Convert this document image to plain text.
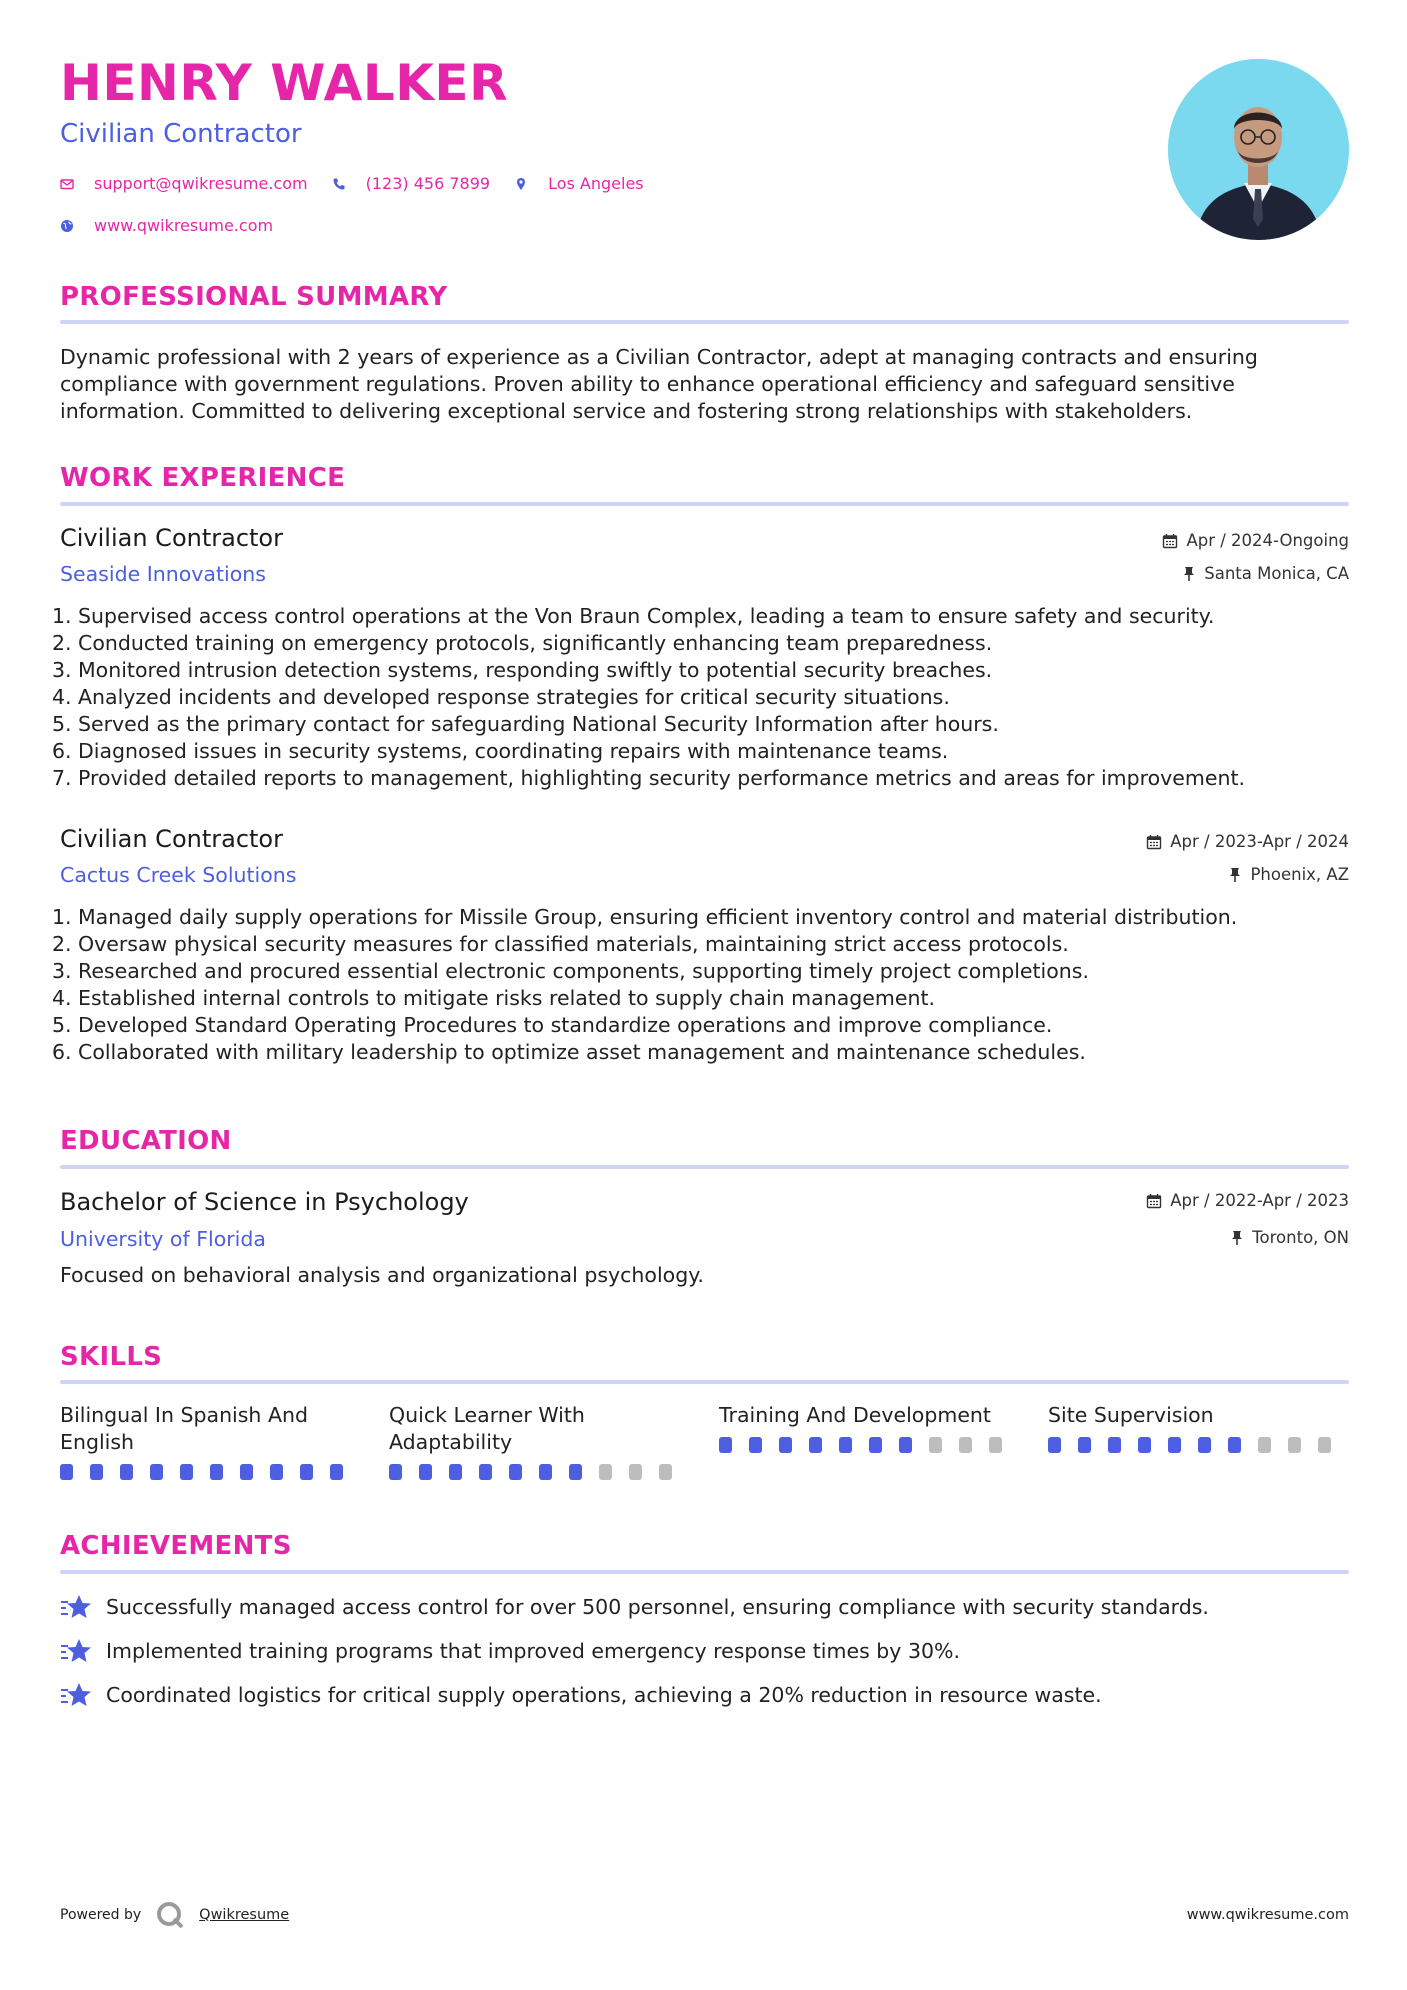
HENRY WALKER
Civilian Contractor
support@qwikresume.com	(123) 456 7899	Los Angeles
www.qwikresume.com
PROFESSIONAL SUMMARY
Dynamic professional with 2 years of experience as a Civilian Contractor, adept at managing contracts and ensuring compliance with government regulations. Proven ability to enhance operational efficiency and safeguard sensitive information. Committed to delivering exceptional service and fostering strong relationships with stakeholders.
WORK EXPERIENCE
Civilian Contractor
Seaside Innovations
Apr / 2024-Ongoing
Santa Monica, CA
1. Supervised access control operations at the Von Braun Complex, leading a team to ensure safety and security.
2. Conducted training on emergency protocols, significantly enhancing team preparedness.
3. Monitored intrusion detection systems, responding swiftly to potential security breaches.
4. Analyzed incidents and developed response strategies for critical security situations.
5. Served as the primary contact for safeguarding National Security Information after hours.
6. Diagnosed issues in security systems, coordinating repairs with maintenance teams.
7. Provided detailed reports to management, highlighting security performance metrics and areas for improvement.
Civilian Contractor
Cactus Creek Solutions
Apr / 2023-Apr / 2024
Phoenix, AZ
1. Managed daily supply operations for Missile Group, ensuring efficient inventory control and material distribution.
2. Oversaw physical security measures for classified materials, maintaining strict access protocols.
3. Researched and procured essential electronic components, supporting timely project completions.
4. Established internal controls to mitigate risks related to supply chain management.
5. Developed Standard Operating Procedures to standardize operations and improve compliance.
6. Collaborated with military leadership to optimize asset management and maintenance schedules.
EDUCATION
Bachelor of Science in Psychology
University of Florida
Apr / 2022-Apr / 2023
Toronto, ON
Focused on behavioral analysis and organizational psychology.
SKILLS
Bilingual In Spanish And English
Quick Learner With Adaptability
Training And Development	Site Supervision
ACHIEVEMENTS
Successfully managed access control for over 500 personnel, ensuring compliance with security standards.
Implemented training programs that improved emergency response times by 30%.
Coordinated logistics for critical supply operations, achieving a 20% reduction in resource waste.
Powered by	Qwikresume	www.qwikresume.com
